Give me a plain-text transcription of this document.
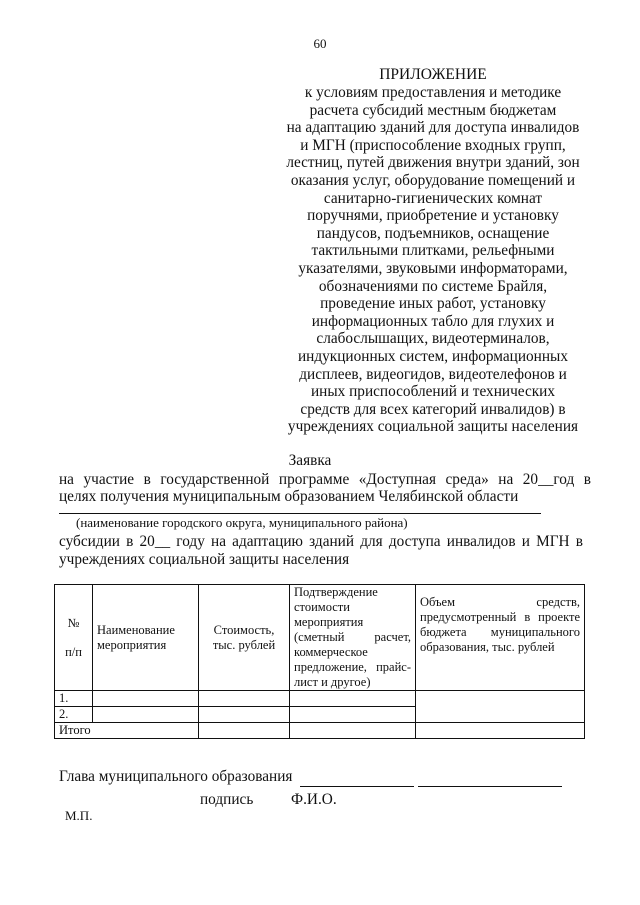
60
ПРИЛОЖЕНИЕ
к условиям предоставления и методике
расчета субсидий местным бюджетам
на адаптацию зданий для доступа инвалидов
и МГН (приспособление входных групп,
лестниц, путей движения внутри зданий, зон
оказания услуг, оборудование помещений и
санитарно-гигиенических комнат
поручнями, приобретение и установку
пандусов, подъемников, оснащение
тактильными плитками, рельефными
указателями, звуковыми информаторами,
обозначениями по системе Брайля,
проведение иных работ, установку
информационных табло для глухих и
слабослышащих, видеотерминалов,
индукционных систем, информационных
дисплеев, видеогидов, видеотелефонов и
иных приспособлений и технических
средств для всех категорий инвалидов) в
учреждениях социальной защиты населения
Заявка
на участие в государственной программе «Доступная среда» на 20__год в
целях получения муниципальным образованием Челябинской области
(наименование городского округа, муниципального района)
субсидии в 20__ году на адаптацию зданий для доступа инвалидов и МГН в
учреждениях социальной защиты населения
№
п/п	Наименование мероприятия	Стоимость, тыс. рублей	Подтверждение стоимости мероприятия (сметный расчет, коммерческое предложение, прайс-лист и другое)	Объем средств, предусмотренный в проекте бюджета муниципального образования, тыс. рублей
1.				
2.				
Итого				
Глава муниципального образования
подпись Ф.И.О.
М.П.
